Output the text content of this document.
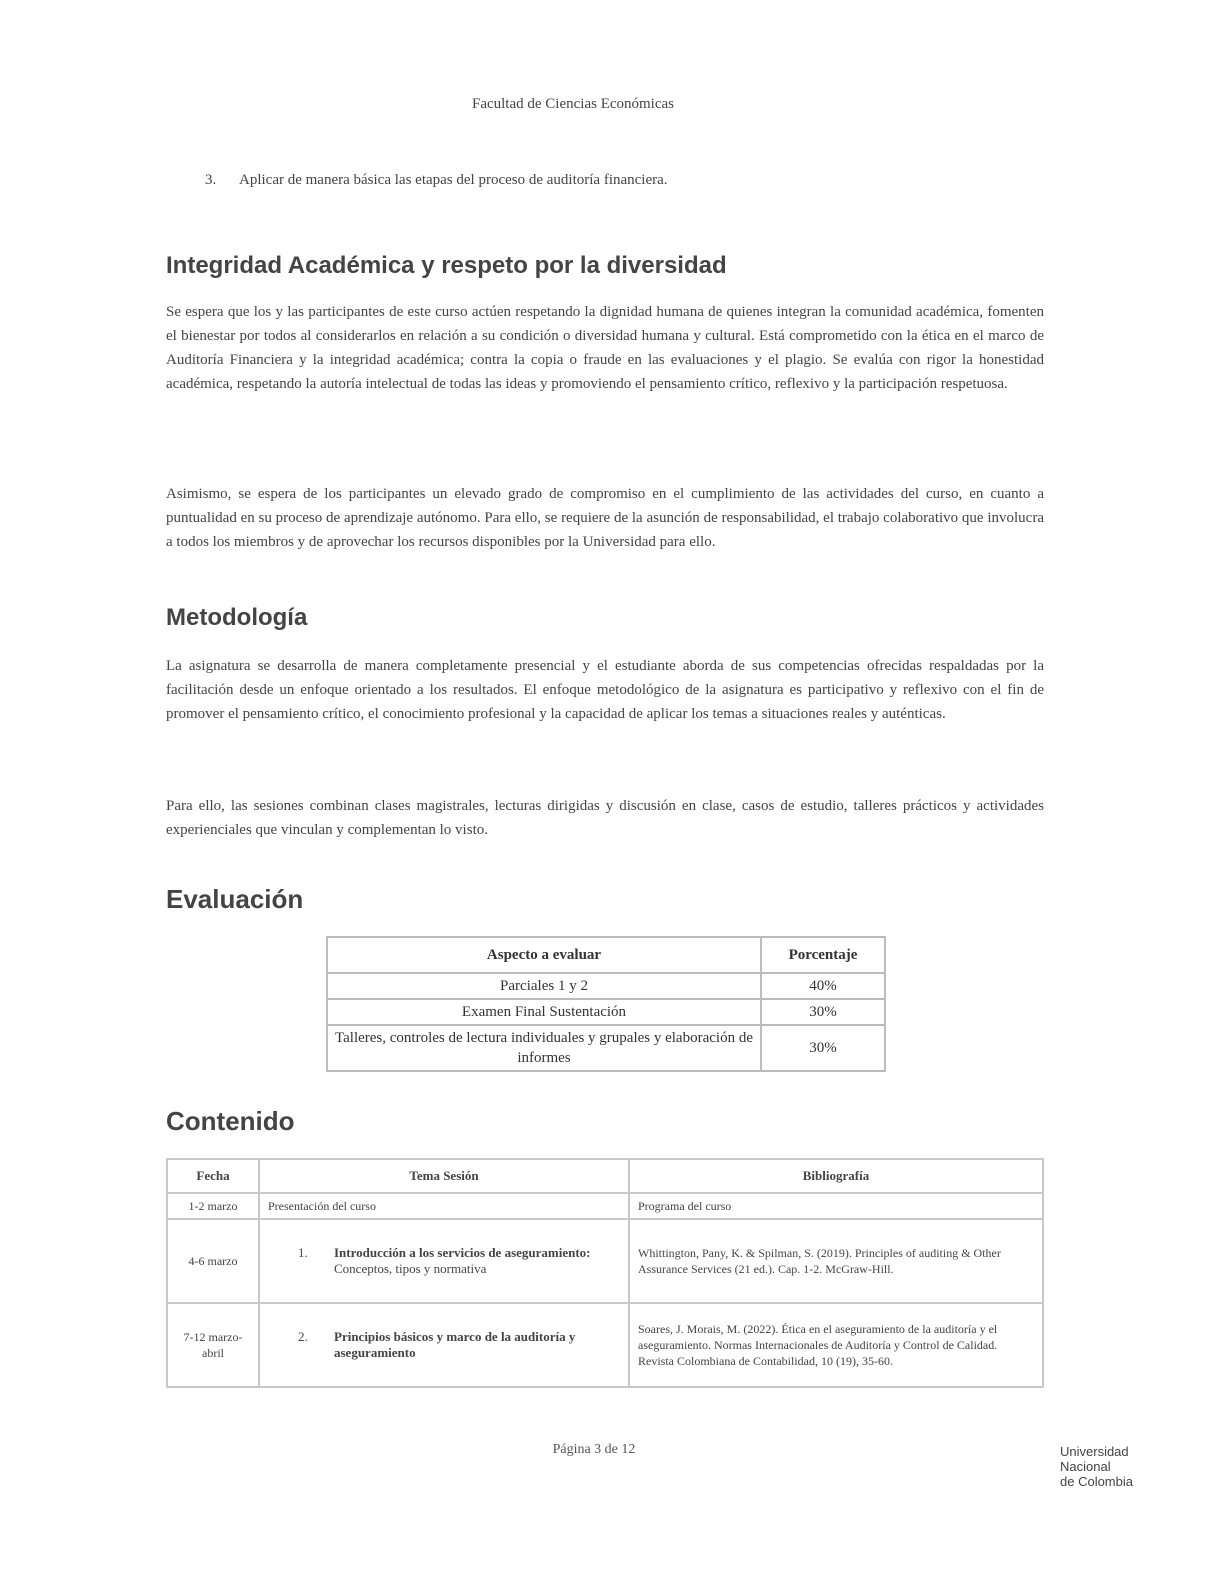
Facultad de Ciencias Económicas
3. Aplicar de manera básica las etapas del proceso de auditoría financiera.
Integridad Académica y respeto por la diversidad

Se espera que los y las participantes de este curso actúen respetando la dignidad humana de quienes integran la comunidad académica, fomenten el bienestar por todos al considerarlos en relación a su condición o diversidad humana y cultural. Está comprometido con la ética en el marco de Auditoría Financiera y la integridad académica; contra la copia o fraude en las evaluaciones y el plagio. Se evalúa con rigor la honestidad académica, respetando la autoría intelectual de todas las ideas y promoviendo el pensamiento crítico, reflexivo y la participación respetuosa.

Asimismo, se espera de los participantes un elevado grado de compromiso en el cumplimiento de las actividades del curso, en cuanto a puntualidad en su proceso de aprendizaje autónomo. Para ello, se requiere de la asunción de responsabilidad, el trabajo colaborativo que involucra a todos los miembros y de aprovechar los recursos disponibles por la Universidad para ello.

Metodología

La asignatura se desarrolla de manera completamente presencial y el estudiante aborda de sus competencias ofrecidas respaldadas por la facilitación desde un enfoque orientado a los resultados. El enfoque metodológico de la asignatura es participativo y reflexivo con el fin de promover el pensamiento crítico, el conocimiento profesional y la capacidad de aplicar los temas a situaciones reales y auténticas.

Para ello, las sesiones combinan clases magistrales, lecturas dirigidas y discusión en clase, casos de estudio, talleres prácticos y actividades experienciales que vinculan y complementan lo visto.

Evaluación
Aspecto a evaluar	Porcentaje
Parciales 1 y 2	40%
Examen Final Sustentación	30%
Talleres, controles de lectura individuales y grupales y elaboración de informes	30%
Contenido
Fecha	Tema Sesión	Bibliografía
1-2 marzo	Presentación del curso	Programa del curso
4-6 marzo	1. Introducción a los servicios de aseguramiento: Conceptos, tipos y normativa	Whittington, Pany, K. & Spilman, S. (2019). Principles of auditing & Other Assurance Services (21 ed.). Cap. 1-2. McGraw-Hill.
7-12 marzo-abril	2. Principios básicos y marco de la auditoría y aseguramiento	Soares, J. Morais, M. (2022). Ética en el aseguramiento de la auditoría y el aseguramiento. Normas Internacionales de Auditoría y Control de Calidad. Revista Colombiana de Contabilidad, 10 (19), 35-60.
Página 3 de 12	Universidad
Nacional
de Colombia
